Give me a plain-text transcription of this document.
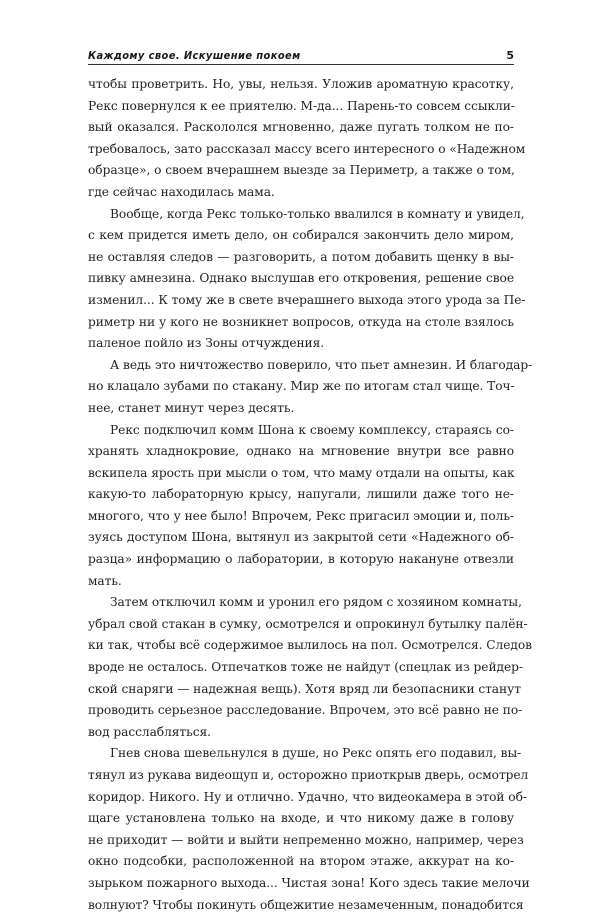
Каждому свое. Искушение покоем	5
чтобы проветрить. Но, увы, нельзя. Уложив ароматную красотку,
Рекс повернулся к ее приятелю. М-да... Парень-то совсем ссыкли-
вый оказался. Раскололся мгновенно, даже пугать толком не по-
требовалось, зато рассказал массу всего интересного о «Надежном
образце», о своем вчерашнем выезде за Периметр, а также о том,
где сейчас находилась мама.
Вообще, когда Рекс только-только ввалился в комнату и увидел,
с кем придется иметь дело, он собирался закончить дело миром,
не оставляя следов — разговорить, а потом добавить щенку в вы-
пивку амнезина. Однако выслушав его откровения, решение свое
изменил... К тому же в свете вчерашнего выхода этого урода за Пе-
риметр ни у кого не возникнет вопросов, откуда на столе взялось
паленое пойло из Зоны отчуждения.
А ведь это ничтожество поверило, что пьет амнезин. И благодар-
но клацало зубами по стакану. Мир же по итогам стал чище. Точ-
нее, станет минут через десять.
Рекс подключил комм Шона к своему комплексу, стараясь со-
хранять хладнокровие, однако на мгновение внутри все равно
вскипела ярость при мысли о том, что маму отдали на опыты, как
какую-то лабораторную крысу, напугали, лишили даже того не-
многого, что у нее было! Впрочем, Рекс пригасил эмоции и, поль-
зуясь доступом Шона, вытянул из закрытой сети «Надежного об-
разца» информацию о лаборатории, в которую накануне отвезли
мать.
Затем отключил комм и уронил его рядом с хозяином комнаты,
убрал свой стакан в сумку, осмотрелся и опрокинул бутылку палён-
ки так, чтобы всё содержимое вылилось на пол. Осмотрелся. Следов
вроде не осталось. Отпечатков тоже не найдут (спецлак из рейдер-
ской снаряги — надежная вещь). Хотя вряд ли безопасники станут
проводить серьезное расследование. Впрочем, это всё равно не по-
вод расслабляться.
Гнев снова шевельнулся в душе, но Рекс опять его подавил, вы-
тянул из рукава видеощуп и, осторожно приоткрыв дверь, осмотрел
коридор. Никого. Ну и отлично. Удачно, что видеокамера в этой об-
щаге установлена только на входе, и что никому даже в голову
не приходит — войти и выйти непременно можно, например, через
окно подсобки, расположенной на втором этаже, аккурат на ко-
зырьком пожарного выхода... Чистая зона! Кого здесь такие мелочи
волнуют? Чтобы покинуть общежитие незамеченным, понадобится
